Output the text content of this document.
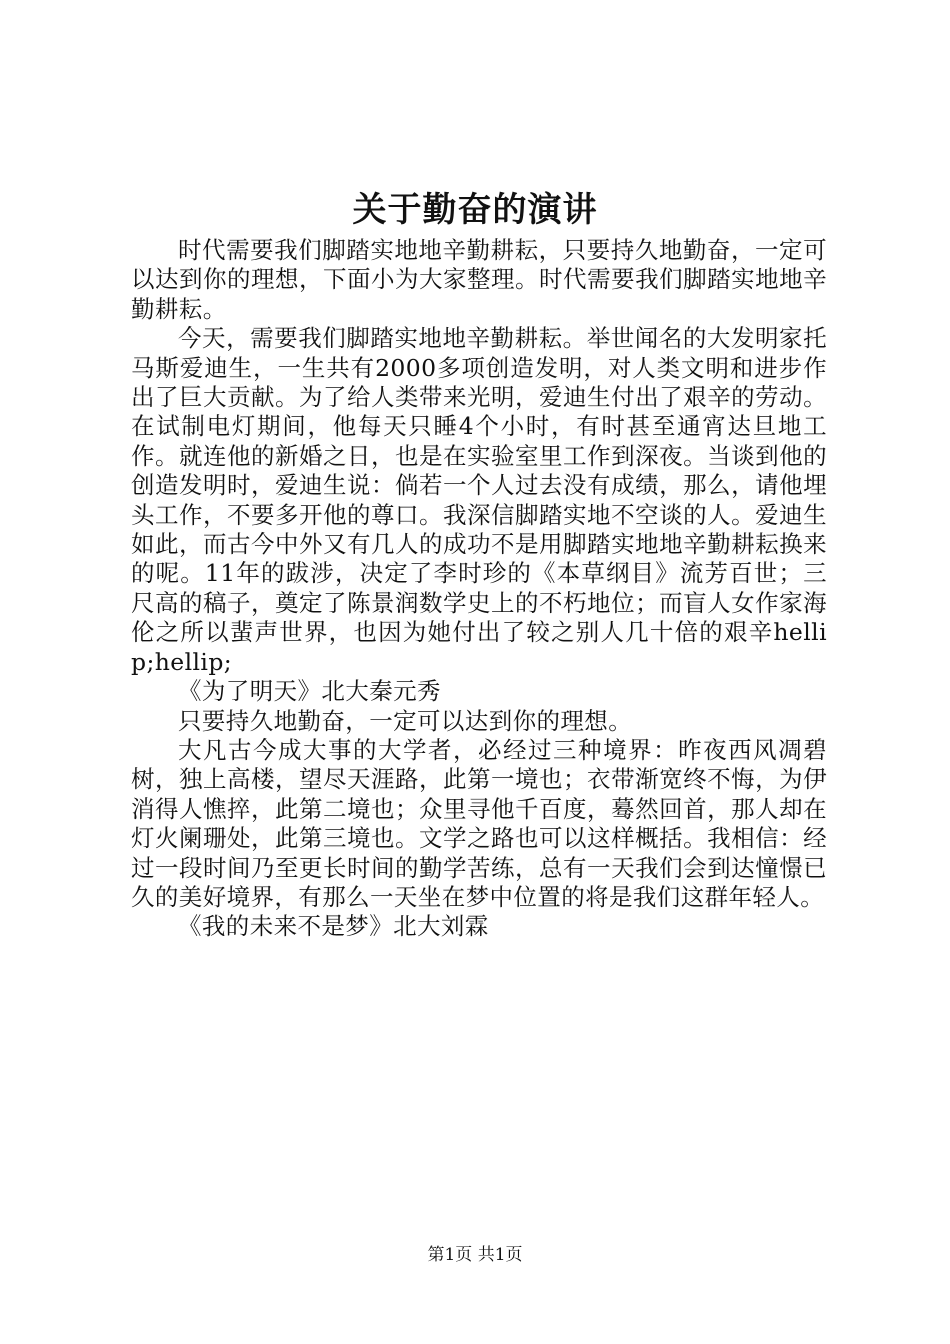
关于勤奋的演讲

时代需要我们脚踏实地地辛勤耕耘，只要持久地勤奋，一定可以达到你的理想，下面小为大家整理。时代需要我们脚踏实地地辛勤耕耘。

今天，需要我们脚踏实地地辛勤耕耘。举世闻名的大发明家托马斯爱迪生，一生共有2000多项创造发明，对人类文明和进步作出了巨大贡献。为了给人类带来光明，爱迪生付出了艰辛的劳动。在试制电灯期间，他每天只睡4个小时，有时甚至通宵达旦地工作。就连他的新婚之日，也是在实验室里工作到深夜。当谈到他的创造发明时，爱迪生说：倘若一个人过去没有成绩，那么，请他埋头工作，不要多开他的尊口。我深信脚踏实地不空谈的人。爱迪生如此，而古今中外又有几人的成功不是用脚踏实地地辛勤耕耘换来的呢。11年的跋涉，决定了李时珍的《本草纲目》流芳百世；三尺高的稿子，奠定了陈景润数学史上的不朽地位；而盲人女作家海伦之所以蜚声世界，也因为她付出了较之别人几十倍的艰辛hellip;hellip;

《为了明天》北大秦元秀

只要持久地勤奋，一定可以达到你的理想。

大凡古今成大事的大学者，必经过三种境界：昨夜西风凋碧树，独上高楼，望尽天涯路，此第一境也；衣带渐宽终不悔，为伊消得人憔捽，此第二境也；众里寻他千百度，蓦然回首，那人却在灯火阑珊处，此第三境也。文学之路也可以这样概括。我相信：经过一段时间乃至更长时间的勤学苦练，总有一天我们会到达憧憬已久的美好境界，有那么一天坐在梦中位置的将是我们这群年轻人。

《我的未来不是梦》北大刘霖

第1页 共1页
